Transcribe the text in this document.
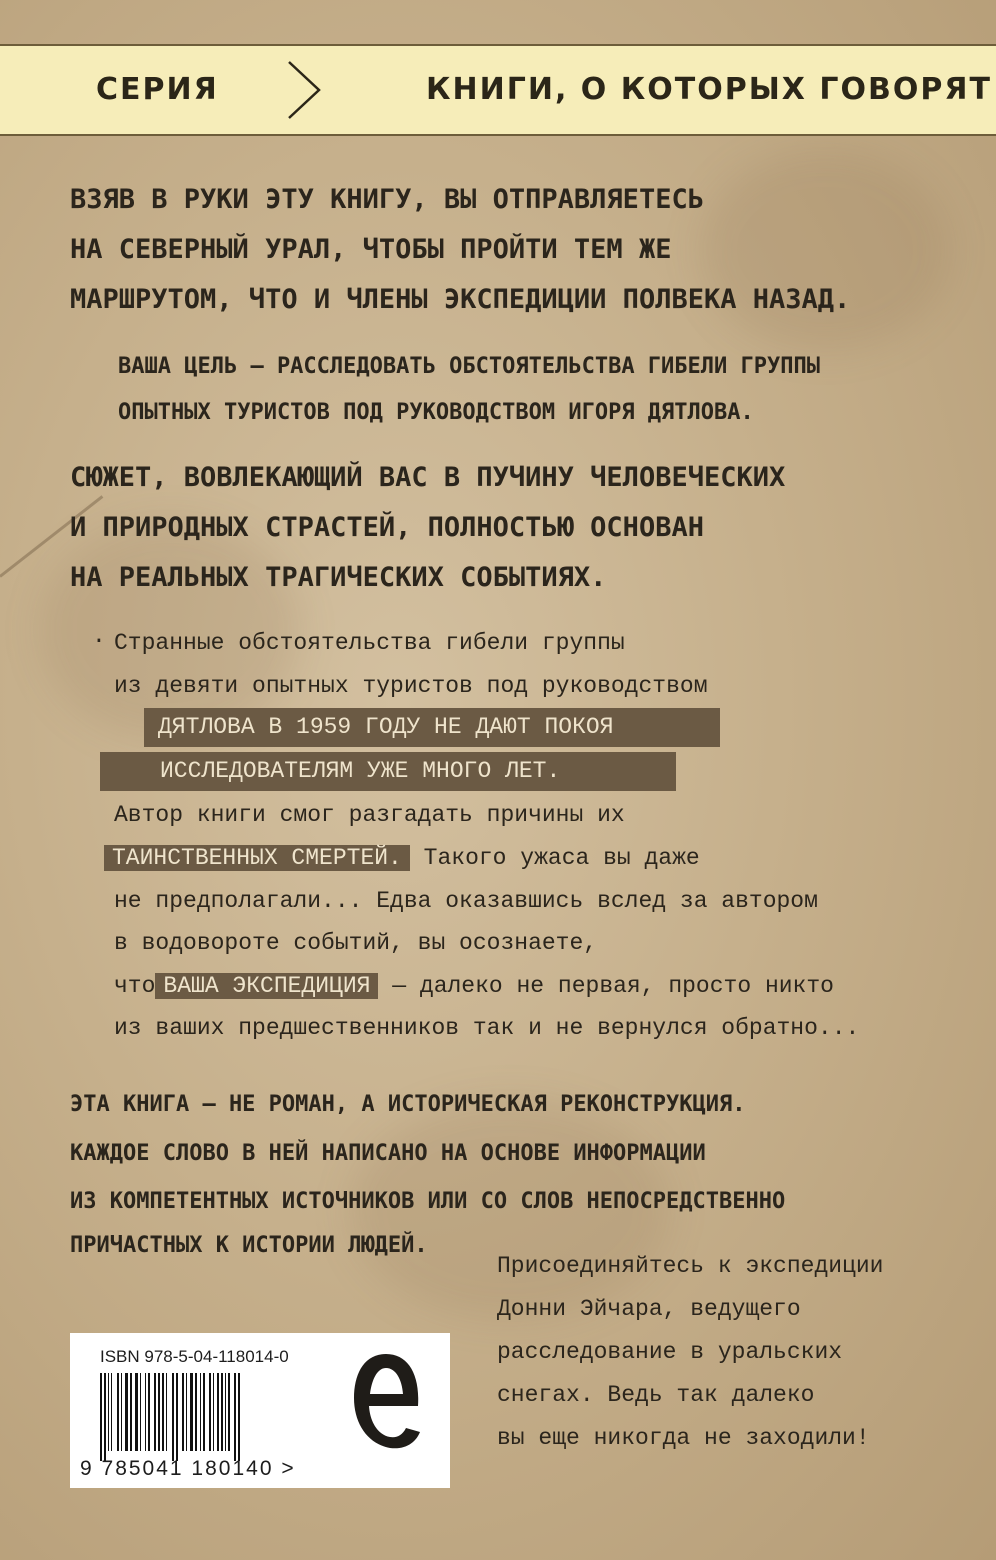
СЕРИЯ	КНИГИ, О КОТОРЫХ ГОВОРЯТ

ВЗЯВ В РУКИ ЭТУ КНИГУ, ВЫ ОТПРАВЛЯЕТЕСЬ

НА СЕВЕРНЫЙ УРАЛ, ЧТОБЫ ПРОЙТИ ТЕМ ЖЕ

МАРШРУТОМ, ЧТО И ЧЛЕНЫ ЭКСПЕДИЦИИ ПОЛВЕКА НАЗАД.

ВАША ЦЕЛЬ — РАССЛЕДОВАТЬ ОБСТОЯТЕЛЬСТВА ГИБЕЛИ ГРУППЫ

ОПЫТНЫХ ТУРИСТОВ ПОД РУКОВОДСТВОМ ИГОРЯ ДЯТЛОВА.

СЮЖЕТ, ВОВЛЕКАЮЩИЙ ВАС В ПУЧИНУ ЧЕЛОВЕЧЕСКИХ

И ПРИРОДНЫХ СТРАСТЕЙ, ПОЛНОСТЬЮ ОСНОВАН

НА РЕАЛЬНЫХ ТРАГИЧЕСКИХ СОБЫТИЯХ.

· Странные обстоятельства гибели группы
из девяти опытных туристов под руководством
ДЯТЛОВА В 1959 ГОДУ НЕ ДАЮТ ПОКОЯ
ИССЛЕДОВАТЕЛЯМ УЖЕ МНОГО ЛЕТ.
Автор книги смог разгадать причины их
ТАИНСТВЕННЫХ СМЕРТЕЙ. Такого ужаса вы даже
не предполагали... Едва оказавшись вслед за автором
в водовороте событий, вы осознаете,
что ВАША ЭКСПЕДИЦИЯ — далеко не первая, просто никто
из ваших предшественников так и не вернулся обратно...

ЭТА КНИГА — НЕ РОМАН, А ИСТОРИЧЕСКАЯ РЕКОНСТРУКЦИЯ.

КАЖДОЕ СЛОВО В НЕЙ НАПИСАНО НА ОСНОВЕ ИНФОРМАЦИИ

ИЗ КОМПЕТЕНТНЫХ ИСТОЧНИКОВ ИЛИ СО СЛОВ НЕПОСРЕДСТВЕННО

ПРИЧАСТНЫХ К ИСТОРИИ ЛЮДЕЙ.

Присоединяйтесь к экспедиции
Донни Эйчара, ведущего
расследование в уральских
снегах. Ведь так далеко
вы еще никогда не заходили!
ISBN 978-5-04-118014-0
9 785041 180140 >
